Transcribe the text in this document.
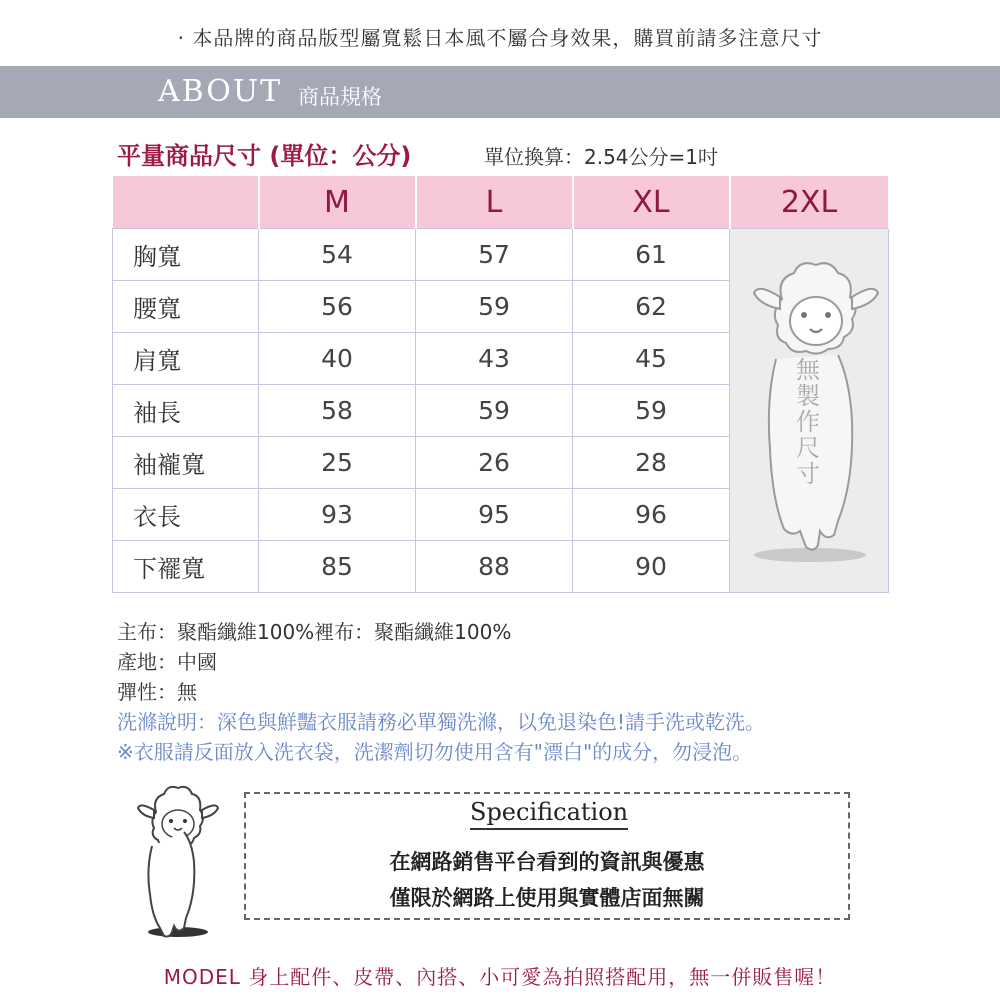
· 本品牌的商品版型屬寬鬆日本風不屬合身效果，購買前請多注意尺寸
ABOUT 商品規格
平量商品尺寸 (單位：公分)	單位換算：2.54公分=1吋
	M	L	XL	2XL
胸寬	54	57	61	無
製
作
尺
寸

腰寬	56	59	62	
肩寬	40	43	45	
袖長	58	59	59	
袖襱寬	25	26	28	
衣長	93	95	96	
下襬寬	85	88	90	
主布：聚酯纖維100%裡布：聚酯纖維100%
產地：中國
彈性：無
洗滌說明：深色與鮮豔衣服請務必單獨洗滌，以免退染色!請手洗或乾洗。
※衣服請反面放入洗衣袋，洗潔劑切勿使用含有"漂白"的成分，勿浸泡。
Specification
在網路銷售平台看到的資訊與優惠
僅限於網路上使用與實體店面無關
MODEL 身上配件、皮帶、內搭、小可愛為拍照搭配用，無一併販售喔！
